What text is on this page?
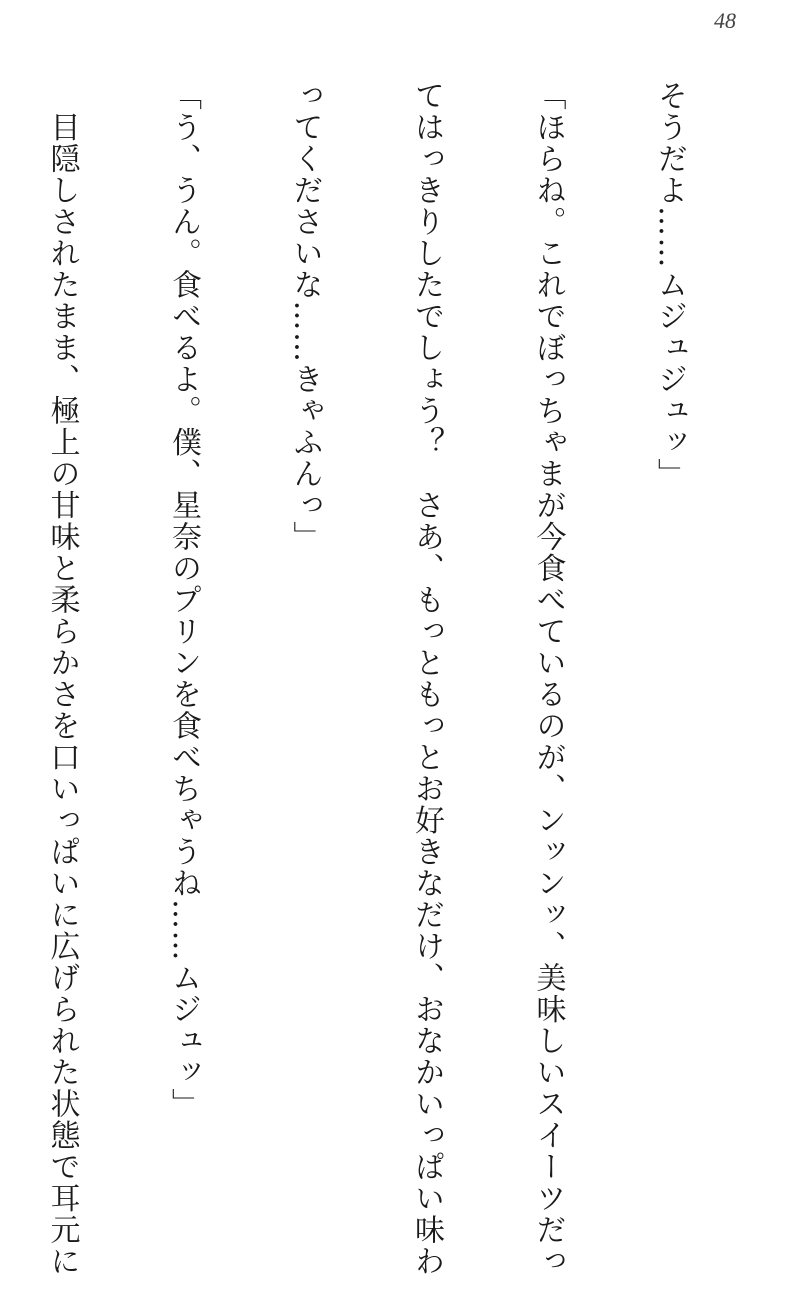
48

そうだよ……ムジュジュッ」

「ほらね。これでぼっちゃまが今食べているのが、ンッンッ、美味しいスイーツだっ

てはっきりしたでしょう？　さあ、もっともっとお好きなだけ、おなかいっぱい味わ

ってくださいな……きゃふんっ」

「う、うん。食べるよ。僕、星奈のプリンを食べちゃうね……ムジュッ」

　目隠しされたまま、極上の甘味と柔らかさを口いっぱいに広げられた状態で耳元に
